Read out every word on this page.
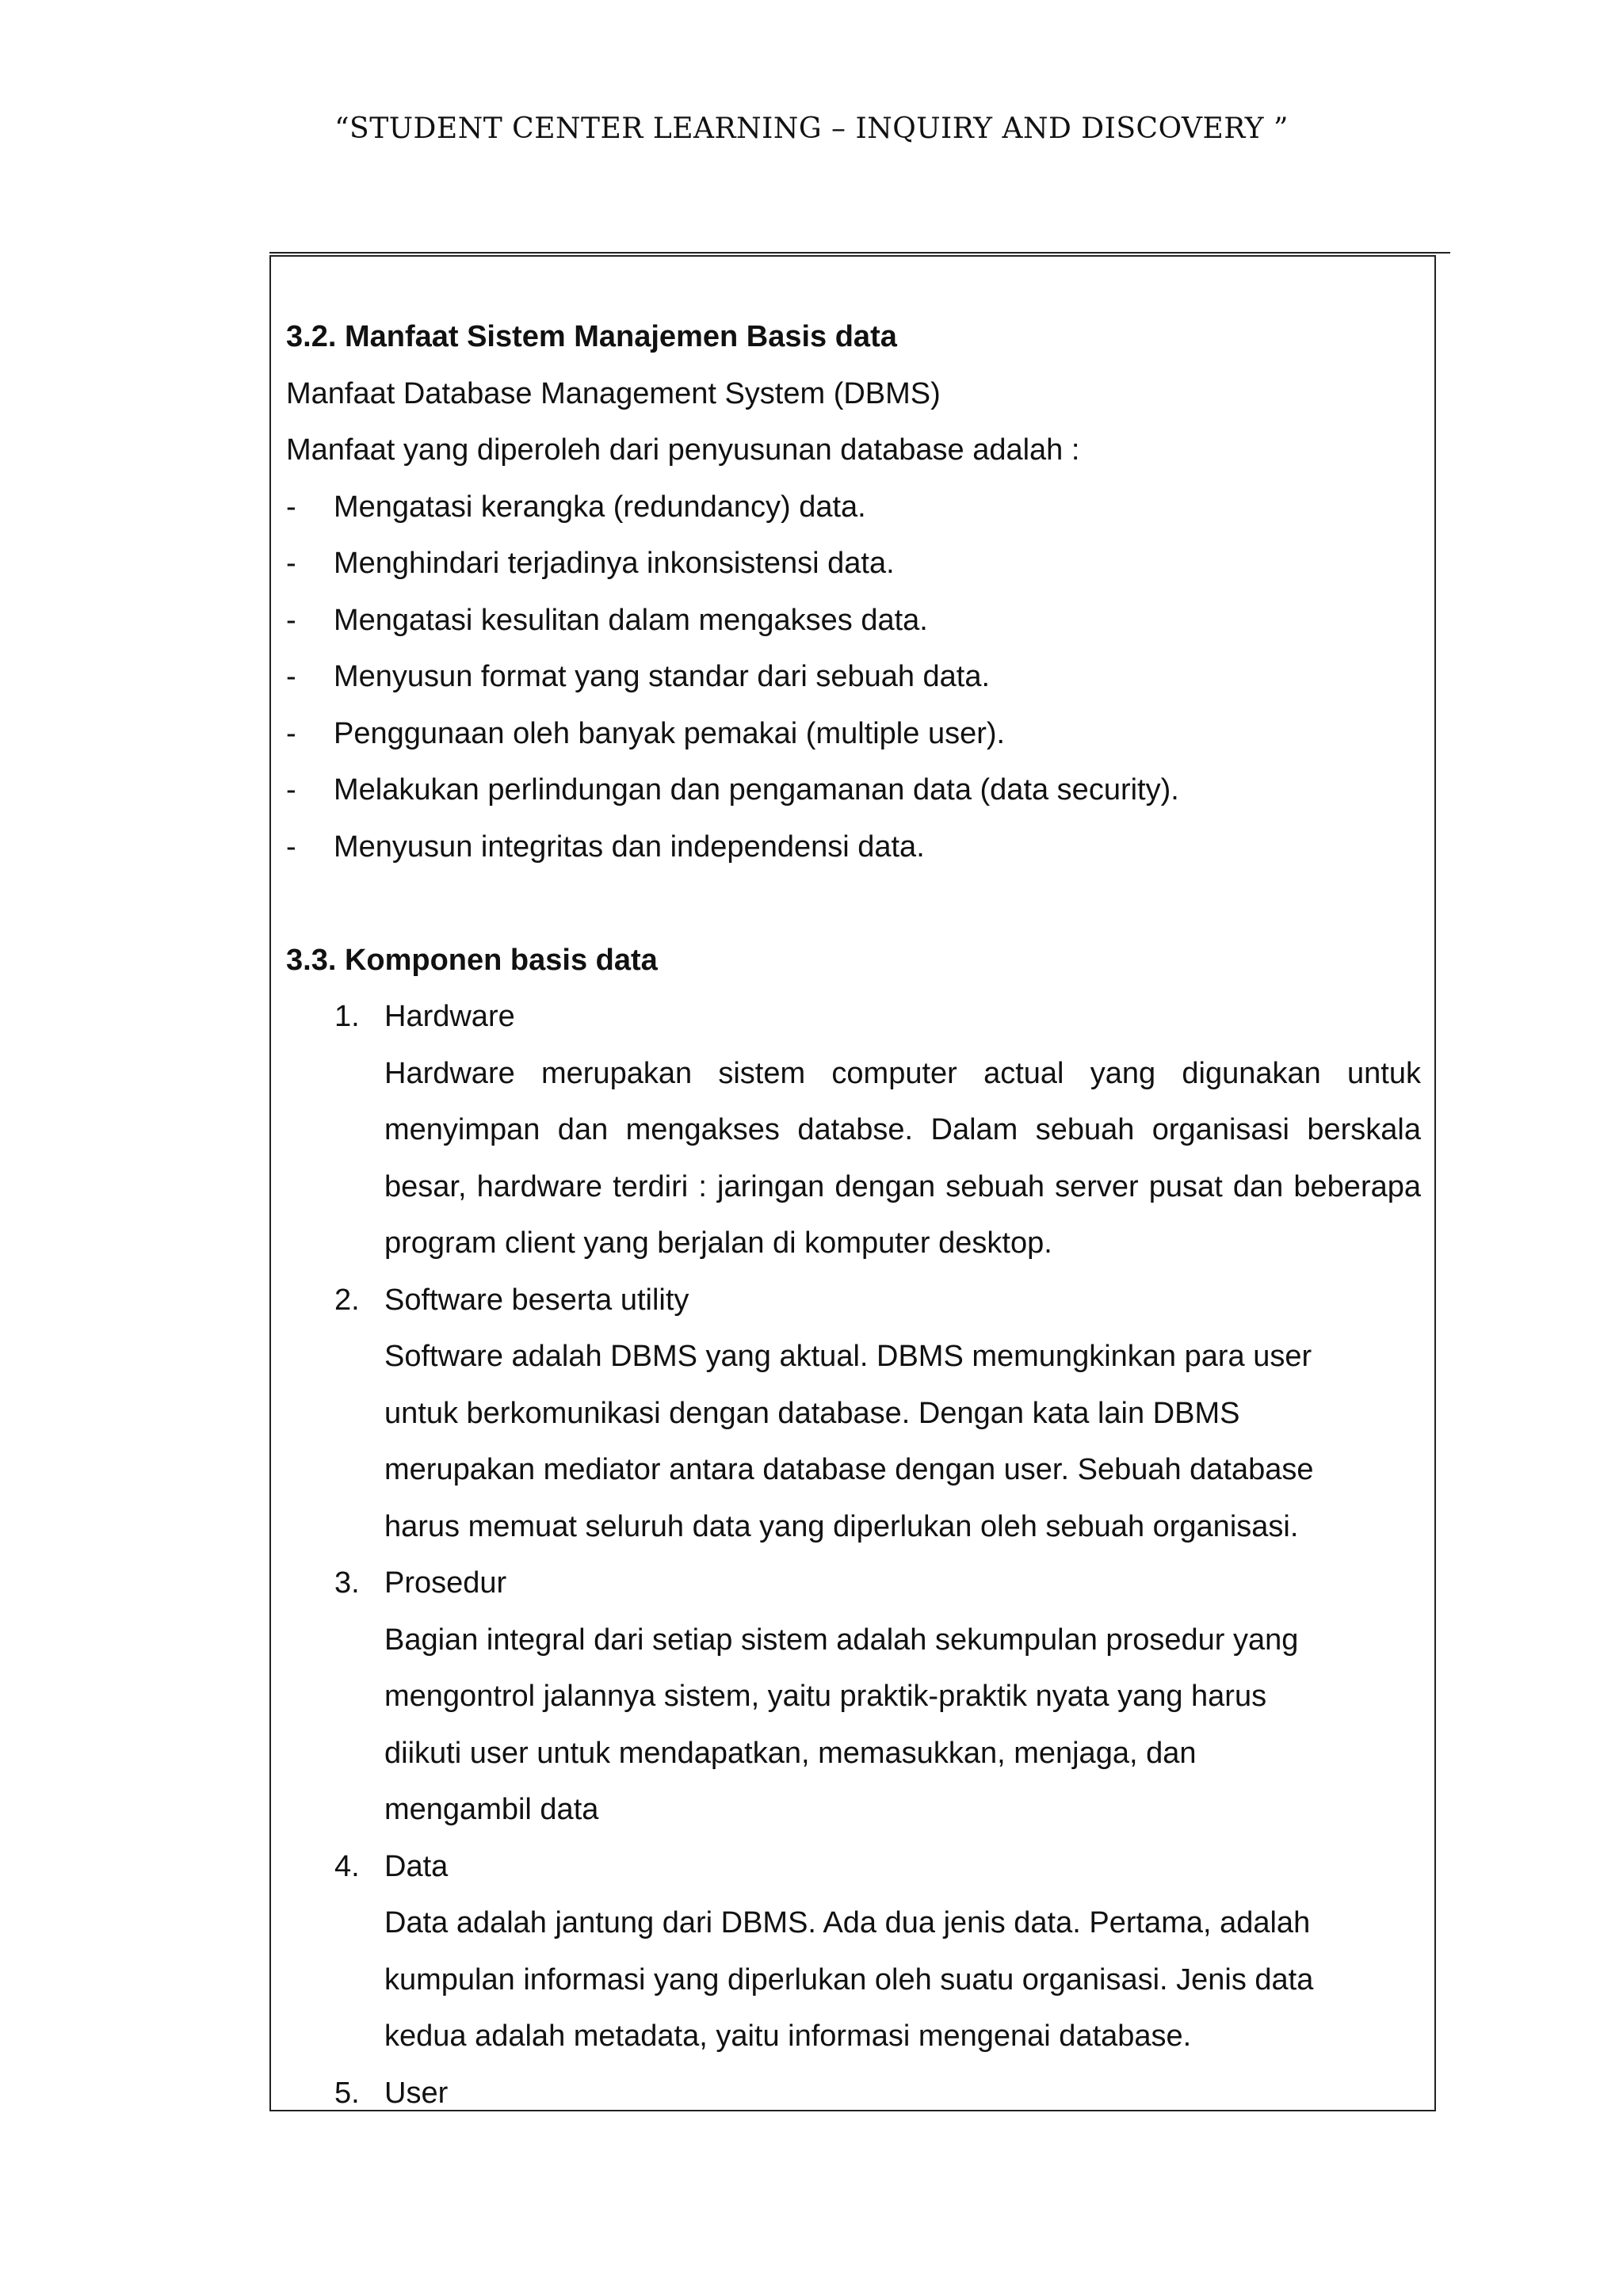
“STUDENT CENTER LEARNING – INQUIRY AND DISCOVERY ”
3.2. Manfaat Sistem Manajemen Basis data
Manfaat Database Management System (DBMS)
Manfaat yang diperoleh dari penyusunan database adalah :
-	Mengatasi kerangka (redundancy) data.
-	Menghindari terjadinya inkonsistensi data.
-	Mengatasi kesulitan dalam mengakses data.
-	Menyusun format yang standar dari sebuah data.
-	Penggunaan oleh banyak pemakai (multiple user).
-	Melakukan perlindungan dan pengamanan data (data security).
-	Menyusun integritas dan independensi data.
3.3. Komponen basis data
1. Hardware
Hardware merupakan sistem computer actual yang digunakan untuk menyimpan dan mengakses databse. Dalam sebuah organisasi berskala besar, hardware terdiri : jaringan dengan sebuah server pusat dan beberapa program client yang berjalan di komputer desktop.
2. Software beserta utility
Software adalah DBMS yang aktual. DBMS memungkinkan para user untuk berkomunikasi dengan database. Dengan kata lain DBMS merupakan mediator antara database dengan user. Sebuah database harus memuat seluruh data yang diperlukan oleh sebuah organisasi.
3. Prosedur
Bagian integral dari setiap sistem adalah sekumpulan prosedur yang mengontrol jalannya sistem, yaitu praktik-praktik nyata yang harus diikuti user untuk mendapatkan, memasukkan, menjaga, dan mengambil data
4. Data
Data adalah jantung dari DBMS. Ada dua jenis data. Pertama, adalah kumpulan informasi yang diperlukan oleh suatu organisasi. Jenis data kedua adalah metadata, yaitu informasi mengenai database.
5. User
